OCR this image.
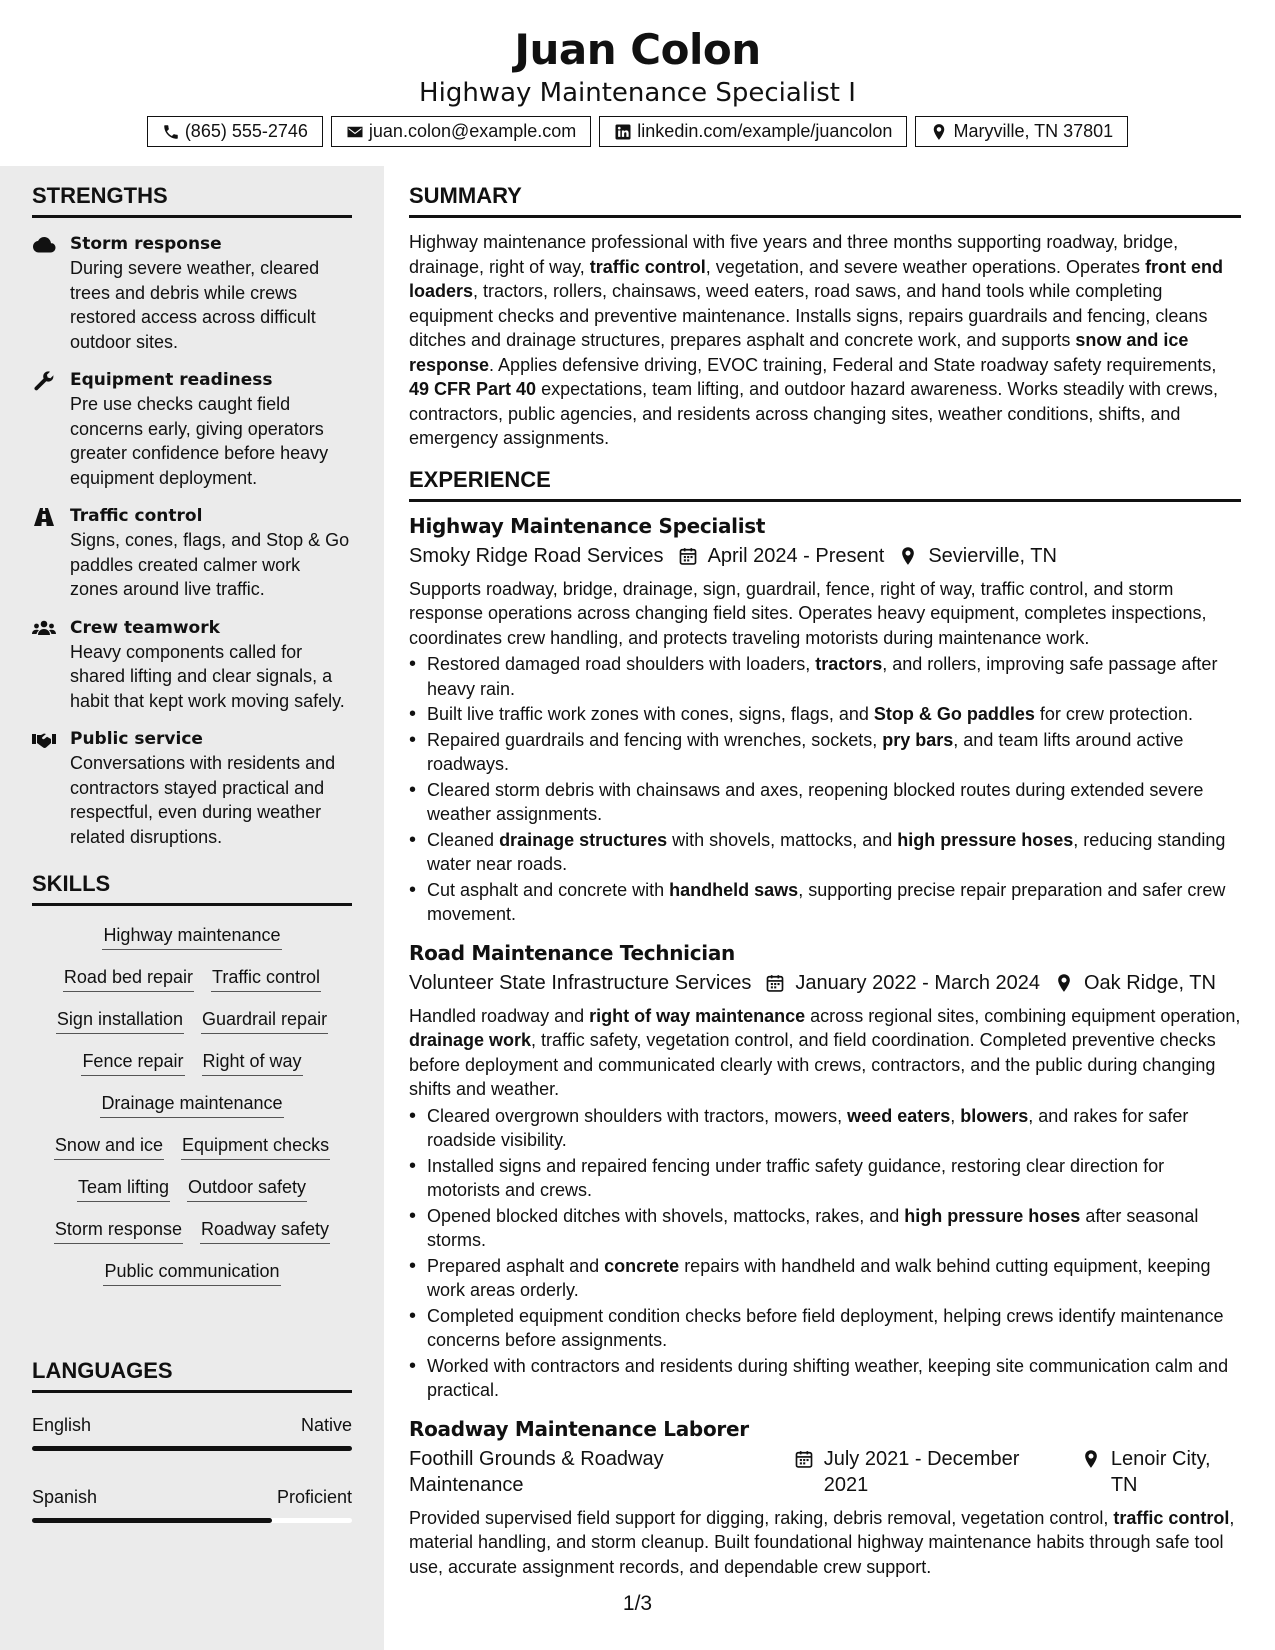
Juan Colon
Highway Maintenance Specialist I
(865) 555-2746	juan.colon@example.com	linkedin.com/example/juancolon	Maryville, TN 37801
STRENGTHS
Storm response
During severe weather, cleared trees and debris while crews restored access across difficult outdoor sites.
Equipment readiness
Pre use checks caught field concerns early, giving operators greater confidence before heavy equipment deployment.
Traffic control
Signs, cones, flags, and Stop & Go paddles created calmer work zones around live traffic.
Crew teamwork
Heavy components called for shared lifting and clear signals, a habit that kept work moving safely.
Public service
Conversations with residents and contractors stayed practical and respectful, even during weather related disruptions.
SKILLS
Highway maintenance
Road bed repair Traffic control
Sign installation Guardrail repair
Fence repair Right of way
Drainage maintenance
Snow and ice Equipment checks
Team lifting Outdoor safety
Storm response Roadway safety
Public communication
LANGUAGES
English	Native
Spanish	Proficient
SUMMARY

Highway maintenance professional with five years and three months supporting roadway, bridge, drainage, right of way, traffic control, vegetation, and severe weather operations. Operates front end loaders, tractors, rollers, chainsaws, weed eaters, road saws, and hand tools while completing equipment checks and preventive maintenance. Installs signs, repairs guardrails and fencing, cleans ditches and drainage structures, prepares asphalt and concrete work, and supports snow and ice response. Applies defensive driving, EVOC training, Federal and State roadway safety requirements, 49 CFR Part 40 expectations, team lifting, and outdoor hazard awareness. Works steadily with crews, contractors, public agencies, and residents across changing sites, weather conditions, shifts, and emergency assignments.

EXPERIENCE
Highway Maintenance Specialist
Smoky Ridge Road Services April 2024 - Present Sevierville, TN

Supports roadway, bridge, drainage, sign, guardrail, fence, right of way, traffic control, and storm response operations across changing field sites. Operates heavy equipment, completes inspections, coordinates crew handling, and protects traveling motorists during maintenance work.

• Restored damaged road shoulders with loaders, tractors, and rollers, improving safe passage after heavy rain.
• Built live traffic work zones with cones, signs, flags, and Stop & Go paddles for crew protection.
• Repaired guardrails and fencing with wrenches, sockets, pry bars, and team lifts around active roadways.
• Cleared storm debris with chainsaws and axes, reopening blocked routes during extended severe weather assignments.
• Cleaned drainage structures with shovels, mattocks, and high pressure hoses, reducing standing water near roads.
• Cut asphalt and concrete with handheld saws, supporting precise repair preparation and safer crew movement.
Road Maintenance Technician
Volunteer State Infrastructure Services January 2022 - March 2024 Oak Ridge, TN

Handled roadway and right of way maintenance across regional sites, combining equipment operation, drainage work, traffic safety, vegetation control, and field coordination. Completed preventive checks before deployment and communicated clearly with crews, contractors, and the public during changing shifts and weather.

• Cleared overgrown shoulders with tractors, mowers, weed eaters, blowers, and rakes for safer roadside visibility.
• Installed signs and repaired fencing under traffic safety guidance, restoring clear direction for motorists and crews.
• Opened blocked ditches with shovels, mattocks, rakes, and high pressure hoses after seasonal storms.
• Prepared asphalt and concrete repairs with handheld and walk behind cutting equipment, keeping work areas orderly.
• Completed equipment condition checks before field deployment, helping crews identify maintenance concerns before assignments.
• Worked with contractors and residents during shifting weather, keeping site communication calm and practical.
Roadway Maintenance Laborer
Foothill Grounds & Roadway Maintenance
July 2021 - December 2021
Lenoir City, TN

Provided supervised field support for digging, raking, debris removal, vegetation control, traffic control, material handling, and storm cleanup. Built foundational highway maintenance habits through safe tool use, accurate assignment records, and dependable crew support.

1/3
